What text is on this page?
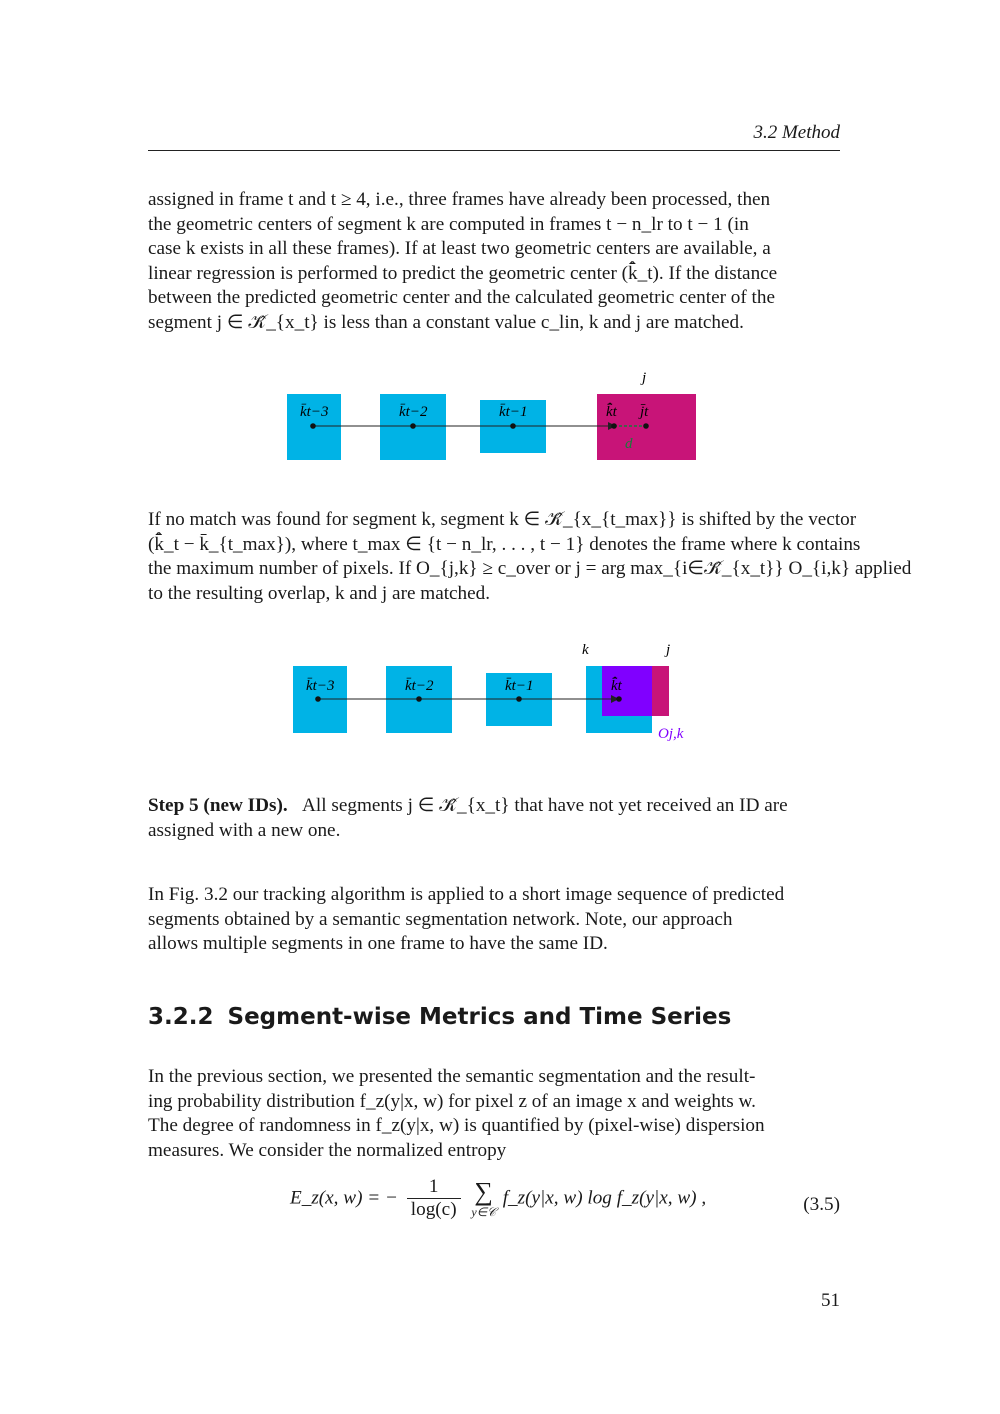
3.2 Method
assigned in frame t and t ≥ 4, i.e., three frames have already been processed, then
the geometric centers of segment k are computed in frames t − n_lr to t − 1 (in
case k exists in all these frames). If at least two geometric centers are available, a
linear regression is performed to predict the geometric center (k̂̄_t). If the distance
between the predicted geometric center and the calculated geometric center of the
segment j ∈ 𝒦̂_{x_t} is less than a constant value c_lin, k and j are matched.
k̄t−3	k̄t−2	k̄t−1	k̂̄t j̄t
j
d
If no match was found for segment k, segment k ∈ 𝒦̂_{x_{t_max}} is shifted by the vector
(k̂̄_t − k̄_{t_max}), where t_max ∈ {t − n_lr, . . . , t − 1} denotes the frame where k contains
the maximum number of pixels. If O_{j,k} ≥ c_over or j = arg max_{i∈𝒦̂_{x_t}} O_{i,k} applied
to the resulting overlap, k and j are matched.
k̄t−3	k̄t−2	k̄t−1	k̂̄t
k	j
Oj,k
Step 5 (new IDs). All segments j ∈ 𝒦̂_{x_t} that have not yet received an ID are
assigned with a new one.
In Fig. 3.2 our tracking algorithm is applied to a short image sequence of predicted
segments obtained by a semantic segmentation network. Note, our approach
allows multiple segments in one frame to have the same ID.
3.2.2 Segment-wise Metrics and Time Series
In the previous section, we presented the semantic segmentation and the result-
ing probability distribution f_z(y|x, w) for pixel z of an image x and weights w.
The degree of randomness in f_z(y|x, w) is quantified by (pixel-wise) dispersion
measures. We consider the normalized entropy
E_z(x, w) = − $\frac{1}{\log(c)}$
∑
y∈𝒞
f_z(y|x, w) log f_z(y|x, w) ,	(3.5)
51
